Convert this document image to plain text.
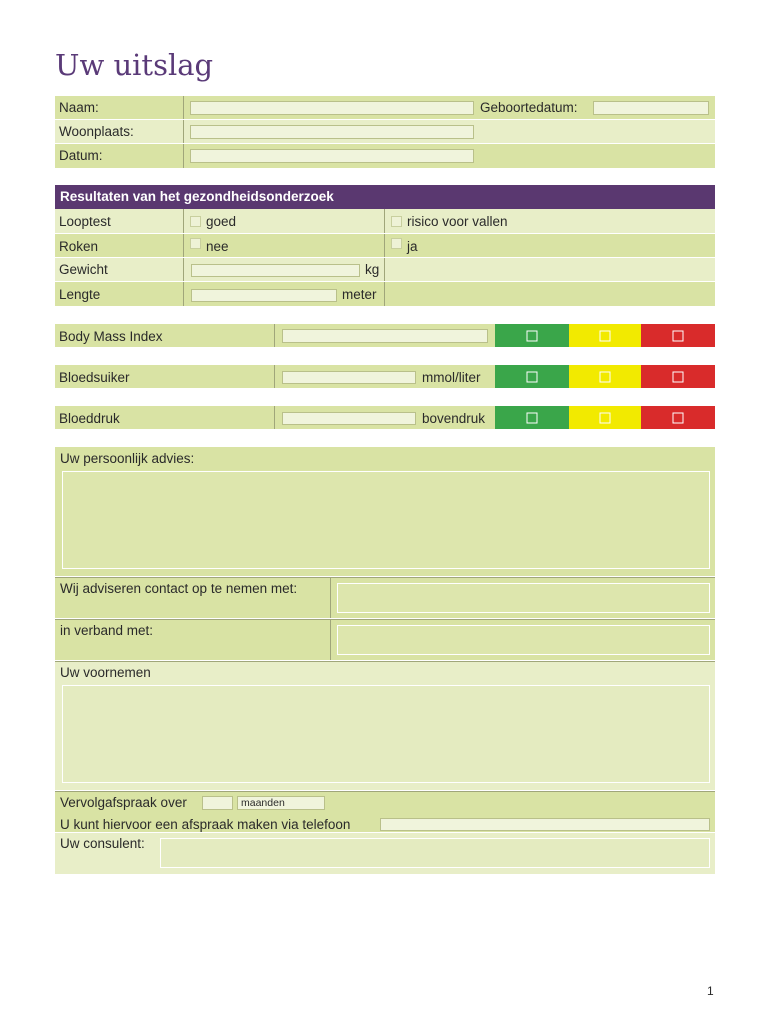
Uw uitslag
Naam:	Geboortedatum:
Woonplaats:
Datum:
Resultaten van het gezondheidsonderzoek
Looptest	goed	risico voor vallen
Roken	nee	ja
Gewicht	kg
Lengte	meter
Body Mass Index
Bloedsuiker	mmol/liter
Bloeddruk	bovendruk
Uw persoonlijk advies:
Wij adviseren contact op te nemen met:
in verband met:
Uw voornemen
Vervolgafspraak over	maanden
U kunt hiervoor een afspraak maken via telefoon
Uw consulent:
1
